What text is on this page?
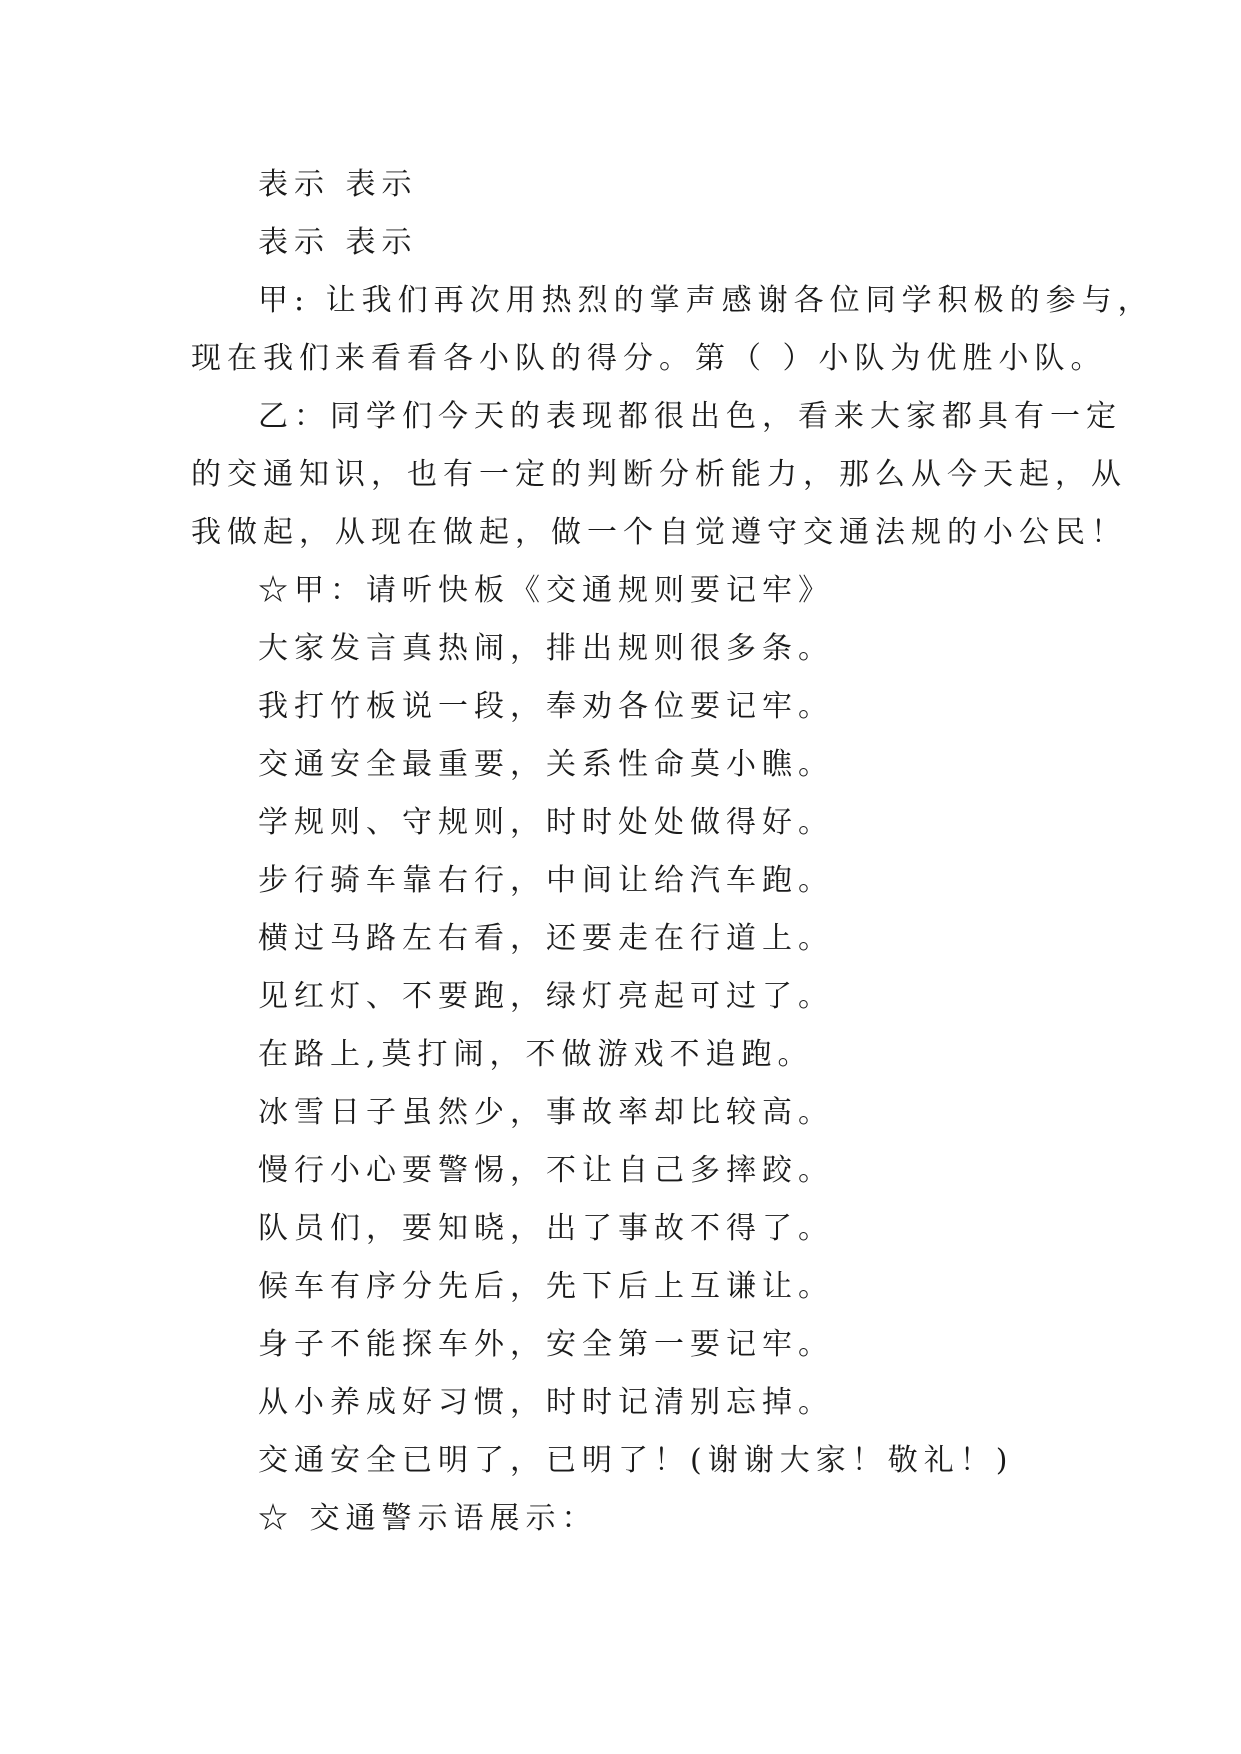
表示 表示
表示 表示
甲: 让我们再次用热烈的掌声感谢各位同学积极的参与，
现在我们来看看各小队的得分。第（ ）小队为优胜小队。
乙：同学们今天的表现都很出色，看来大家都具有一定
的交通知识，也有一定的判断分析能力，那么从今天起，从
我做起，从现在做起，做一个自觉遵守交通法规的小公民！
☆甲：请听快板《交通规则要记牢》
大家发言真热闹，排出规则很多条。
我打竹板说一段，奉劝各位要记牢。
交通安全最重要，关系性命莫小瞧。
学规则、守规则，时时处处做得好。
步行骑车靠右行，中间让给汽车跑。
横过马路左右看，还要走在行道上。
见红灯、不要跑，绿灯亮起可过了。
在路上,莫打闹，不做游戏不追跑。
冰雪日子虽然少，事故率却比较高。
慢行小心要警惕，不让自己多摔跤。
队员们，要知晓，出了事故不得了。
候车有序分先后，先下后上互谦让。
身子不能探车外，安全第一要记牢。
从小养成好习惯，时时记清别忘掉。
交通安全已明了，已明了！(谢谢大家！敬礼！)
☆ 交通警示语展示：
